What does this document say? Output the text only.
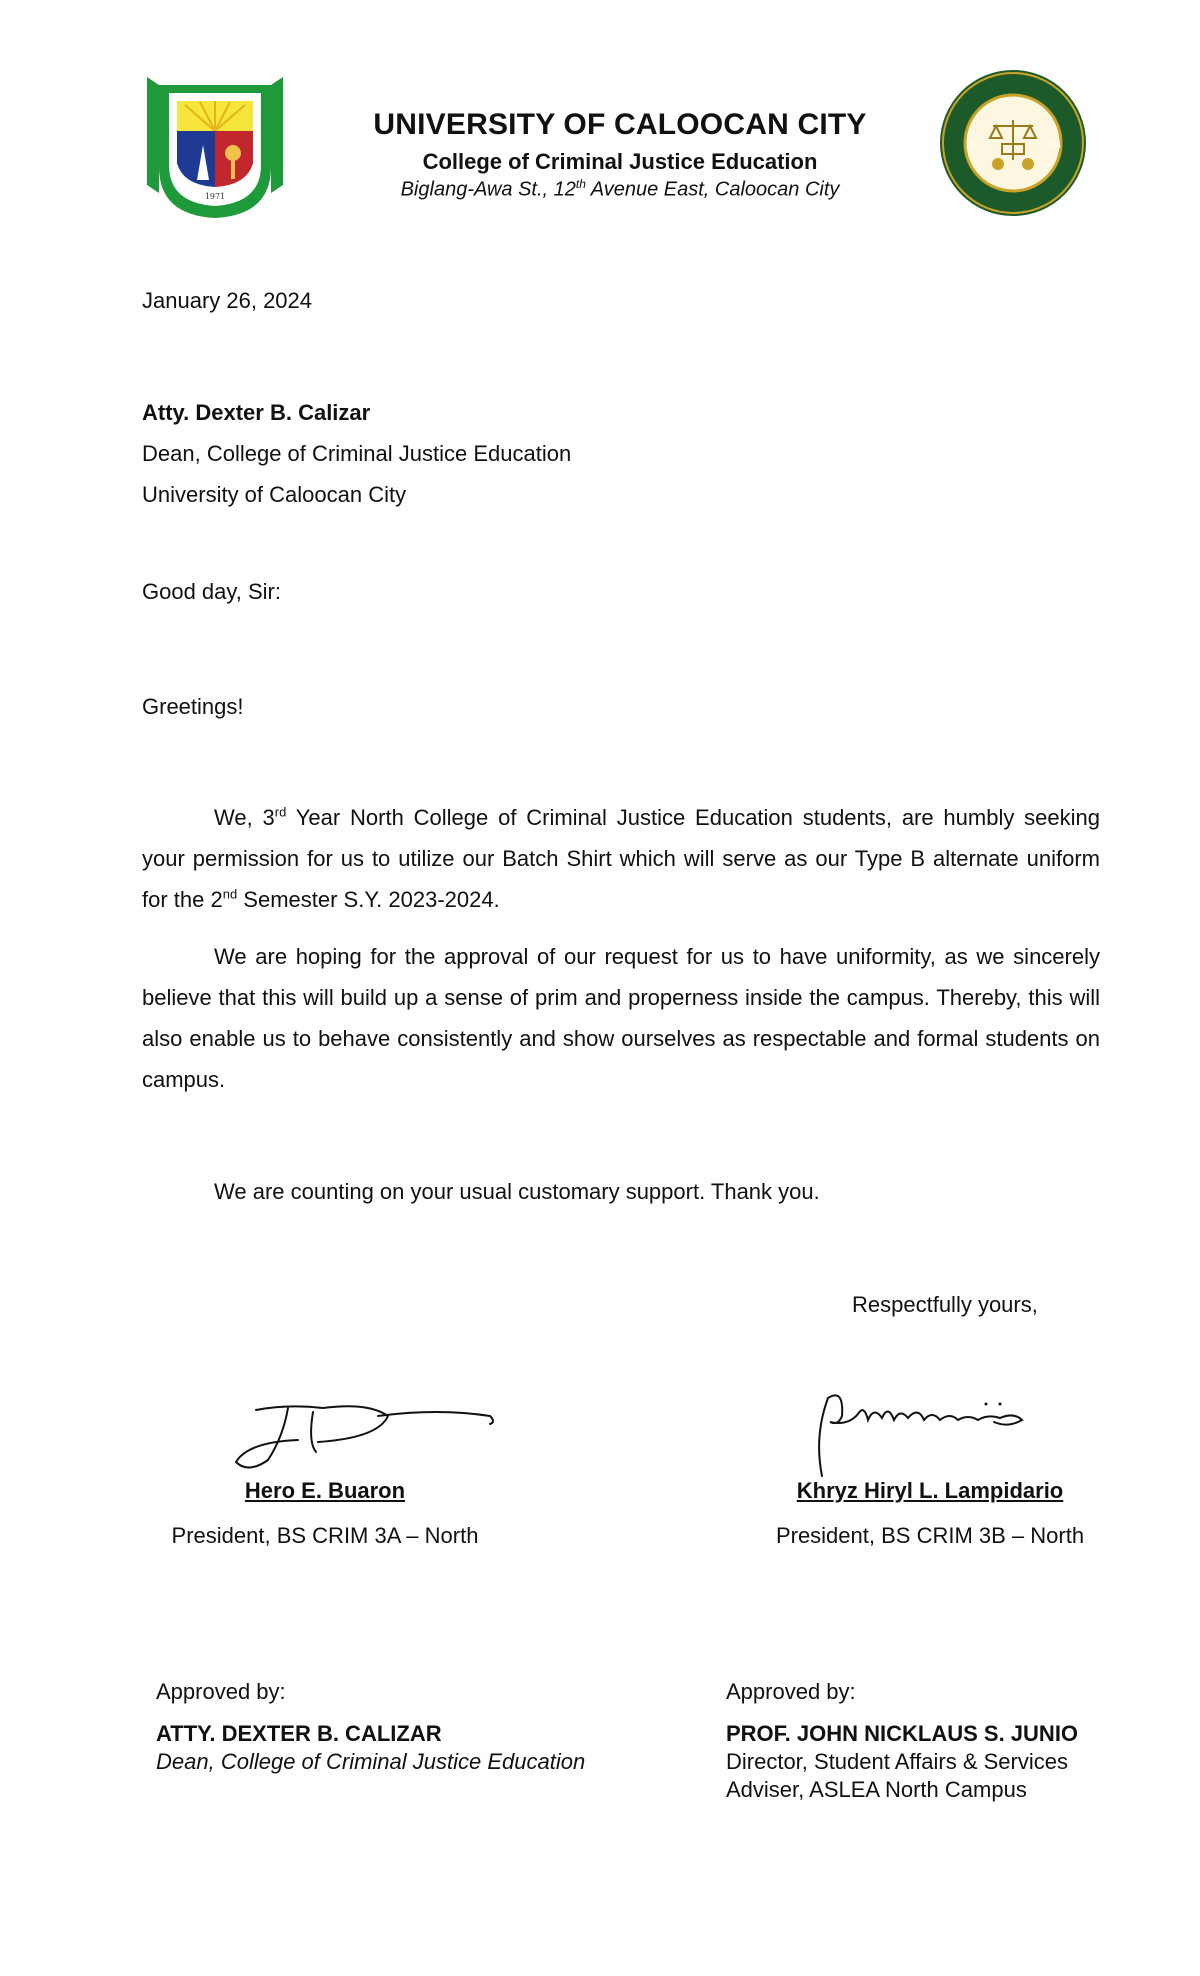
1971
20	04
UNIVERSITY OF CALOOCAN CITY
College of Criminal Justice Education
Biglang-Awa St., 12th Avenue East, Caloocan City
January 26, 2024
Atty. Dexter B. Calizar
Dean, College of Criminal Justice Education
University of Caloocan City
Good day, Sir:
Greetings!

We, 3rd Year North College of Criminal Justice Education students, are humbly seeking your permission for us to utilize our Batch Shirt which will serve as our Type B alternate uniform for the 2nd Semester S.Y. 2023-2024.

We are hoping for the approval of our request for us to have uniformity, as we sincerely believe that this will build up a sense of prim and properness inside the campus. Thereby, this will also enable us to behave consistently and show ourselves as respectable and formal students on campus.

We are counting on your usual customary support. Thank you.

Respectfully yours,
Hero E. Buaron
President, BS CRIM 3A – North
Khryz Hiryl L. Lampidario
President, BS CRIM 3B – North
Approved by:
ATTY. DEXTER B. CALIZAR
Dean, College of Criminal Justice Education
Approved by:
PROF. JOHN NICKLAUS S. JUNIO
Director, Student Affairs & Services
Adviser, ASLEA North Campus
